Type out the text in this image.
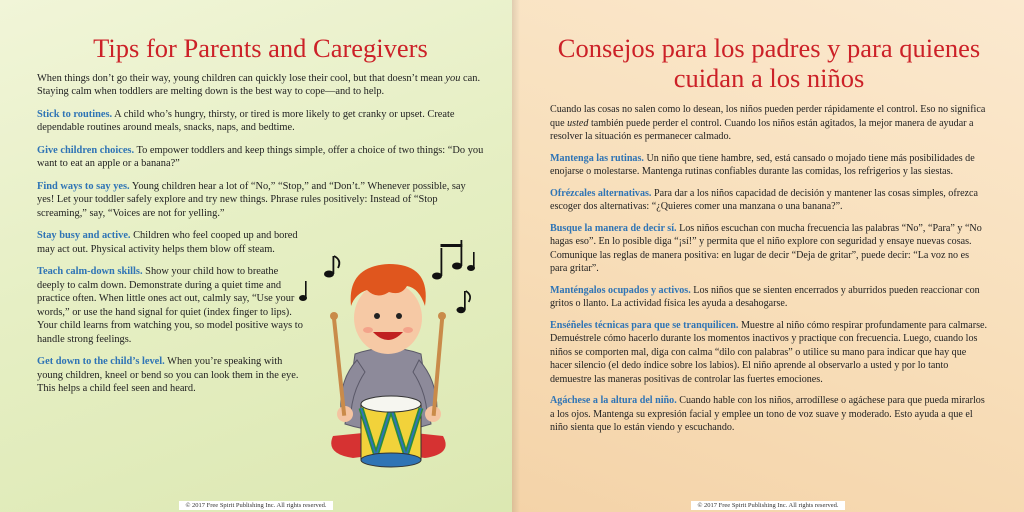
Tips for Parents and Caregivers

When things don’t go their way, young children can quickly lose their cool, but that doesn’t mean you can. Staying calm when toddlers are melting down is the best way to cope—and to help.

Stick to routines. A child who’s hungry, thirsty, or tired is more likely to get cranky or upset. Create dependable routines around meals, snacks, naps, and bedtime.

Give children choices. To empower toddlers and keep things simple, offer a choice of two things: “Do you want to eat an apple or a banana?”

Find ways to say yes. Young children hear a lot of “No,” “Stop,” and “Don’t.” Whenever possible, say yes! Let your toddler safely explore and try new things. Phrase rules positively: Instead of “Stop screaming,” say, “Voices are not for yelling.”

Stay busy and active. Children who feel cooped up and bored may act out. Physical activity helps them blow off steam.

Teach calm-down skills. Show your child how to breathe deeply to calm down. Demonstrate during a quiet time and practice often. When little ones act out, calmly say, “Use your words,” or use the hand signal for quiet (index finger to lips). Your child learns from watching you, so model positive ways to handle strong feelings.

Get down to the child’s level. When you’re speaking with young children, kneel or bend so you can look them in the eye. This helps a child feel seen and heard.

© 2017 Free Spirit Publishing Inc. All rights reserved.
Consejos para los padres y para quienes cuidan a los niños

Cuando las cosas no salen como lo desean, los niños pueden perder rápidamente el control. Eso no significa que usted también puede perder el control. Cuando los niños están agitados, la mejor manera de ayudar a resolver la situación es permanecer calmado.

Mantenga las rutinas. Un niño que tiene hambre, sed, está cansado o mojado tiene más posibilidades de enojarse o molestarse. Mantenga rutinas confiables durante las comidas, los refrigerios y las siestas.

Ofrézcales alternativas. Para dar a los niños capacidad de decisión y mantener las cosas simples, ofrezca escoger dos alternativas: “¿Quieres comer una manzana o una banana?”.

Busque la manera de decir sí. Los niños escuchan con mucha frecuencia las palabras “No”, “Para” y “No hagas eso”. En lo posible diga “¡sí!” y permita que el niño explore con seguridad y ensaye nuevas cosas. Comunique las reglas de manera positiva: en lugar de decir “Deja de gritar”, puede decir: “La voz no es para gritar”.

Manténgalos ocupados y activos. Los niños que se sienten encerrados y aburridos pueden reaccionar con gritos o llanto. La actividad física les ayuda a desahogarse.

Enséñeles técnicas para que se tranquilicen. Muestre al niño cómo respirar profundamente para calmarse. Demuéstrele cómo hacerlo durante los momentos inactivos y practique con frecuencia. Luego, cuando los niños se comporten mal, diga con calma “dilo con palabras” o utilice su mano para indicar que hay que hacer silencio (el dedo índice sobre los labios). El niño aprende al observarlo a usted y por lo tanto demuestre las maneras positivas de controlar las fuertes emociones.

Agáchese a la altura del niño. Cuando hable con los niños, arrodíllese o agáchese para que pueda mirarlos a los ojos. Mantenga su expresión facial y emplee un tono de voz suave y moderado. Esto ayuda a que el niño sienta que lo están viendo y escuchando.

© 2017 Free Spirit Publishing Inc. All rights reserved.
